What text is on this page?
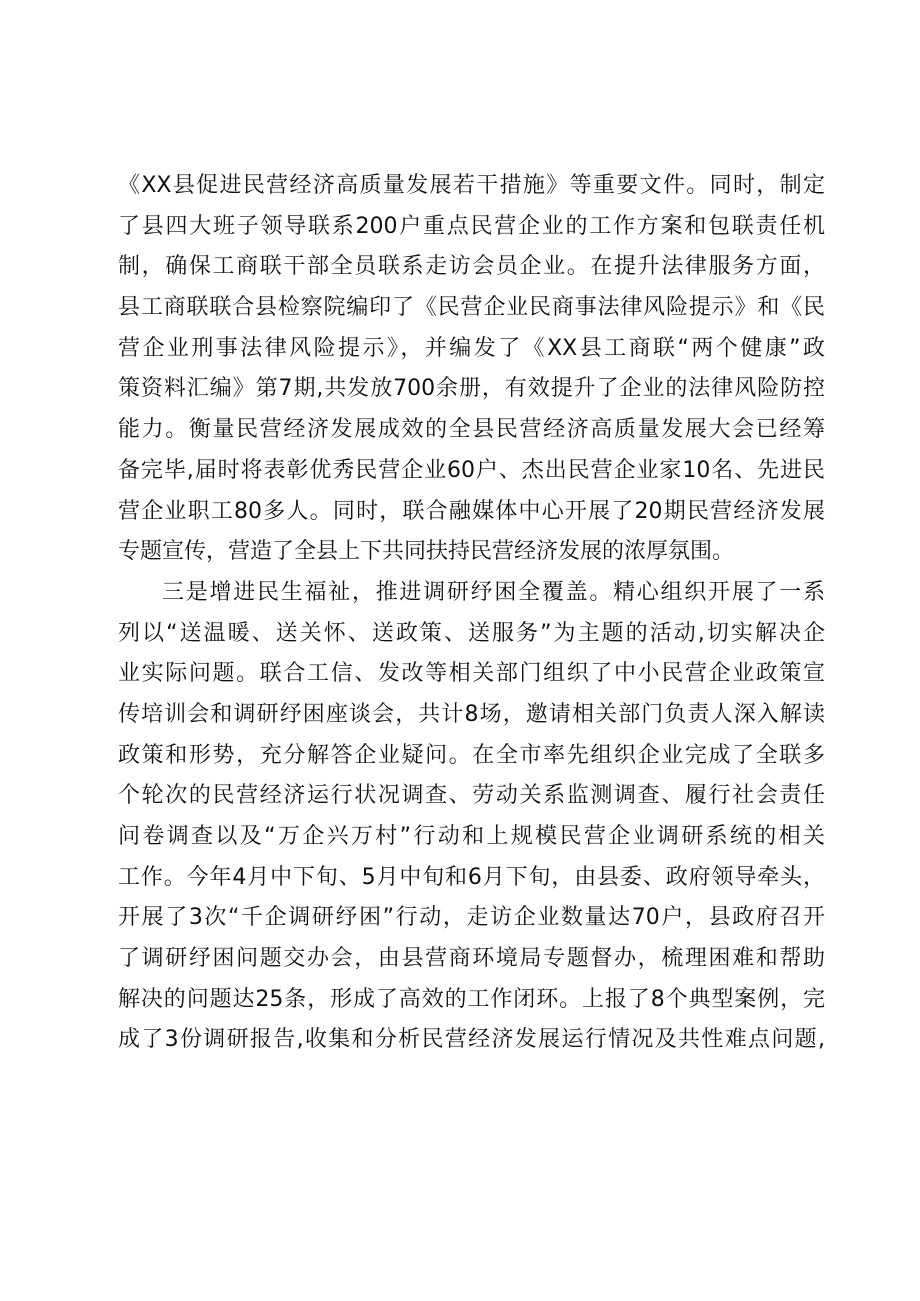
《XX县促进民营经济高质量发展若干措施》等重要文件。同时，制定
了县四大班子领导联系200户重点民营企业的工作方案和包联责任机
制，确保工商联干部全员联系走访会员企业。在提升法律服务方面，
县工商联联合县检察院编印了《民营企业民商事法律风险提示》和《民
营企业刑事法律风险提示》，并编发了《XX县工商联“两个健康”政
策资料汇编》第7期,共发放700余册，有效提升了企业的法律风险防控
能力。衡量民营经济发展成效的全县民营经济高质量发展大会已经筹
备完毕,届时将表彰优秀民营企业60户、杰出民营企业家10名、先进民
营企业职工80多人。同时，联合融媒体中心开展了20期民营经济发展
专题宣传，营造了全县上下共同扶持民营经济发展的浓厚氛围。

三是增进民生福祉，推进调研纾困全覆盖。精心组织开展了一系
列以“送温暖、送关怀、送政策、送服务”为主题的活动,切实解决企
业实际问题。联合工信、发改等相关部门组织了中小民营企业政策宣
传培训会和调研纾困座谈会，共计8场，邀请相关部门负责人深入解读
政策和形势，充分解答企业疑问。在全市率先组织企业完成了全联多
个轮次的民营经济运行状况调查、劳动关系监测调查、履行社会责任
问卷调查以及“万企兴万村”行动和上规模民营企业调研系统的相关
工作。今年4月中下旬、5月中旬和6月下旬，由县委、政府领导牵头，
开展了3次“千企调研纾困”行动，走访企业数量达70户，县政府召开
了调研纾困问题交办会，由县营商环境局专题督办，梳理困难和帮助
解决的问题达25条，形成了高效的工作闭环。上报了8个典型案例，完
成了3份调研报告,收集和分析民营经济发展运行情况及共性难点问题,
